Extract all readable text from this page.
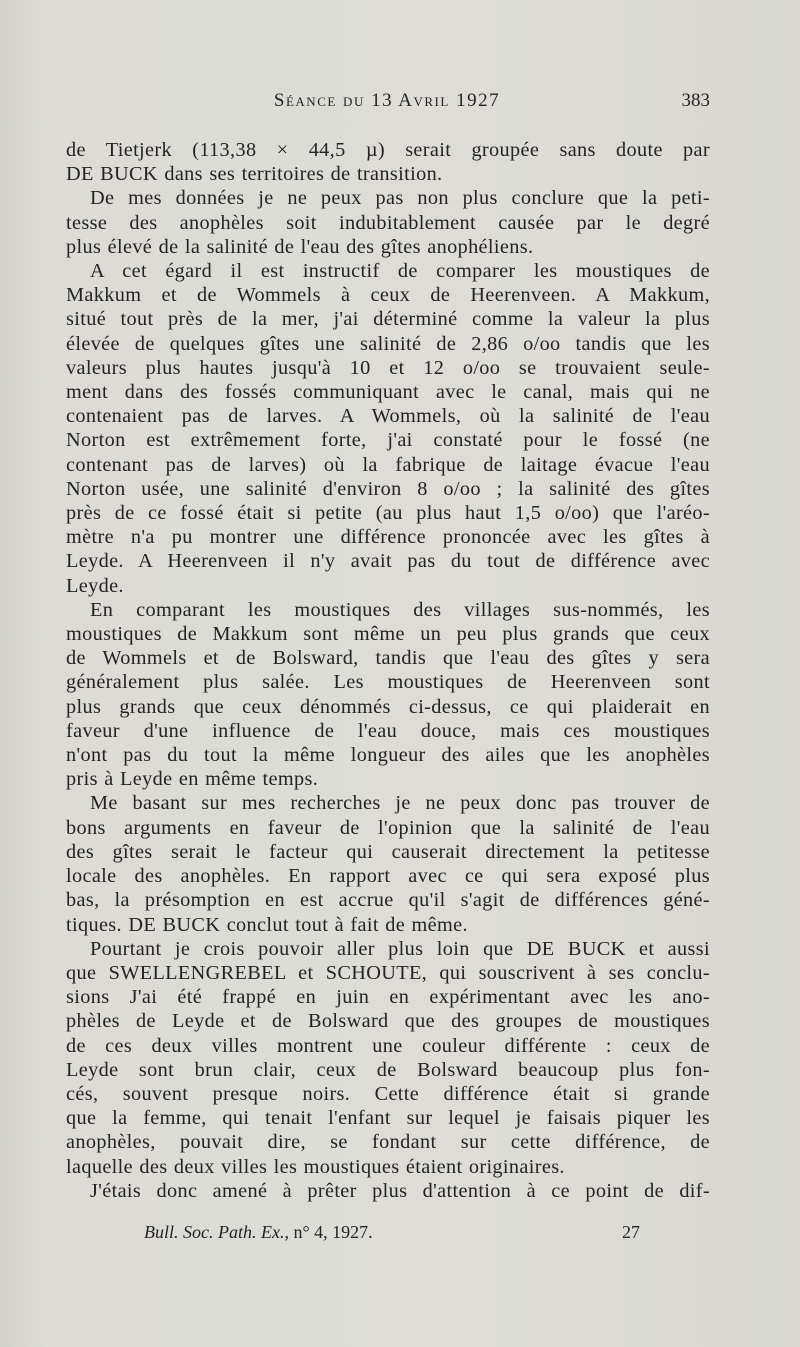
Séance du 13 Avril 1927	383
de Tietjerk (113,38 × 44,5 µ) serait groupée sans doute par
DE BUCK dans ses territoires de transition.
De mes données je ne peux pas non plus conclure que la peti-
tesse des anophèles soit indubitablement causée par le degré
plus élevé de la salinité de l'eau des gîtes anophéliens.
A cet égard il est instructif de comparer les moustiques de
Makkum et de Wommels à ceux de Heerenveen. A Makkum,
situé tout près de la mer, j'ai déterminé comme la valeur la plus
élevée de quelques gîtes une salinité de 2,86 o/oo tandis que les
valeurs plus hautes jusqu'à 10 et 12 o/oo se trouvaient seule-
ment dans des fossés communiquant avec le canal, mais qui ne
contenaient pas de larves. A Wommels, où la salinité de l'eau
Norton est extrêmement forte, j'ai constaté pour le fossé (ne
contenant pas de larves) où la fabrique de laitage évacue l'eau
Norton usée, une salinité d'environ 8 o/oo ; la salinité des gîtes
près de ce fossé était si petite (au plus haut 1,5 o/oo) que l'aréo-
mètre n'a pu montrer une différence prononcée avec les gîtes à
Leyde. A Heerenveen il n'y avait pas du tout de différence avec
Leyde.
En comparant les moustiques des villages sus-nommés, les
moustiques de Makkum sont même un peu plus grands que ceux
de Wommels et de Bolsward, tandis que l'eau des gîtes y sera
généralement plus salée. Les moustiques de Heerenveen sont
plus grands que ceux dénommés ci-dessus, ce qui plaiderait en
faveur d'une influence de l'eau douce, mais ces moustiques
n'ont pas du tout la même longueur des ailes que les anophèles
pris à Leyde en même temps.
Me basant sur mes recherches je ne peux donc pas trouver de
bons arguments en faveur de l'opinion que la salinité de l'eau
des gîtes serait le facteur qui causerait directement la petitesse
locale des anophèles. En rapport avec ce qui sera exposé plus
bas, la présomption en est accrue qu'il s'agit de différences géné-
tiques. DE BUCK conclut tout à fait de même.
Pourtant je crois pouvoir aller plus loin que DE BUCK et aussi
que SWELLENGREBEL et SCHOUTE, qui souscrivent à ses conclu-
sions J'ai été frappé en juin en expérimentant avec les ano-
phèles de Leyde et de Bolsward que des groupes de moustiques
de ces deux villes montrent une couleur différente : ceux de
Leyde sont brun clair, ceux de Bolsward beaucoup plus fon-
cés, souvent presque noirs. Cette différence était si grande
que la femme, qui tenait l'enfant sur lequel je faisais piquer les
anophèles, pouvait dire, se fondant sur cette différence, de
laquelle des deux villes les moustiques étaient originaires.
J'étais donc amené à prêter plus d'attention à ce point de dif-
Bull. Soc. Path. Ex., n° 4, 1927.	27
